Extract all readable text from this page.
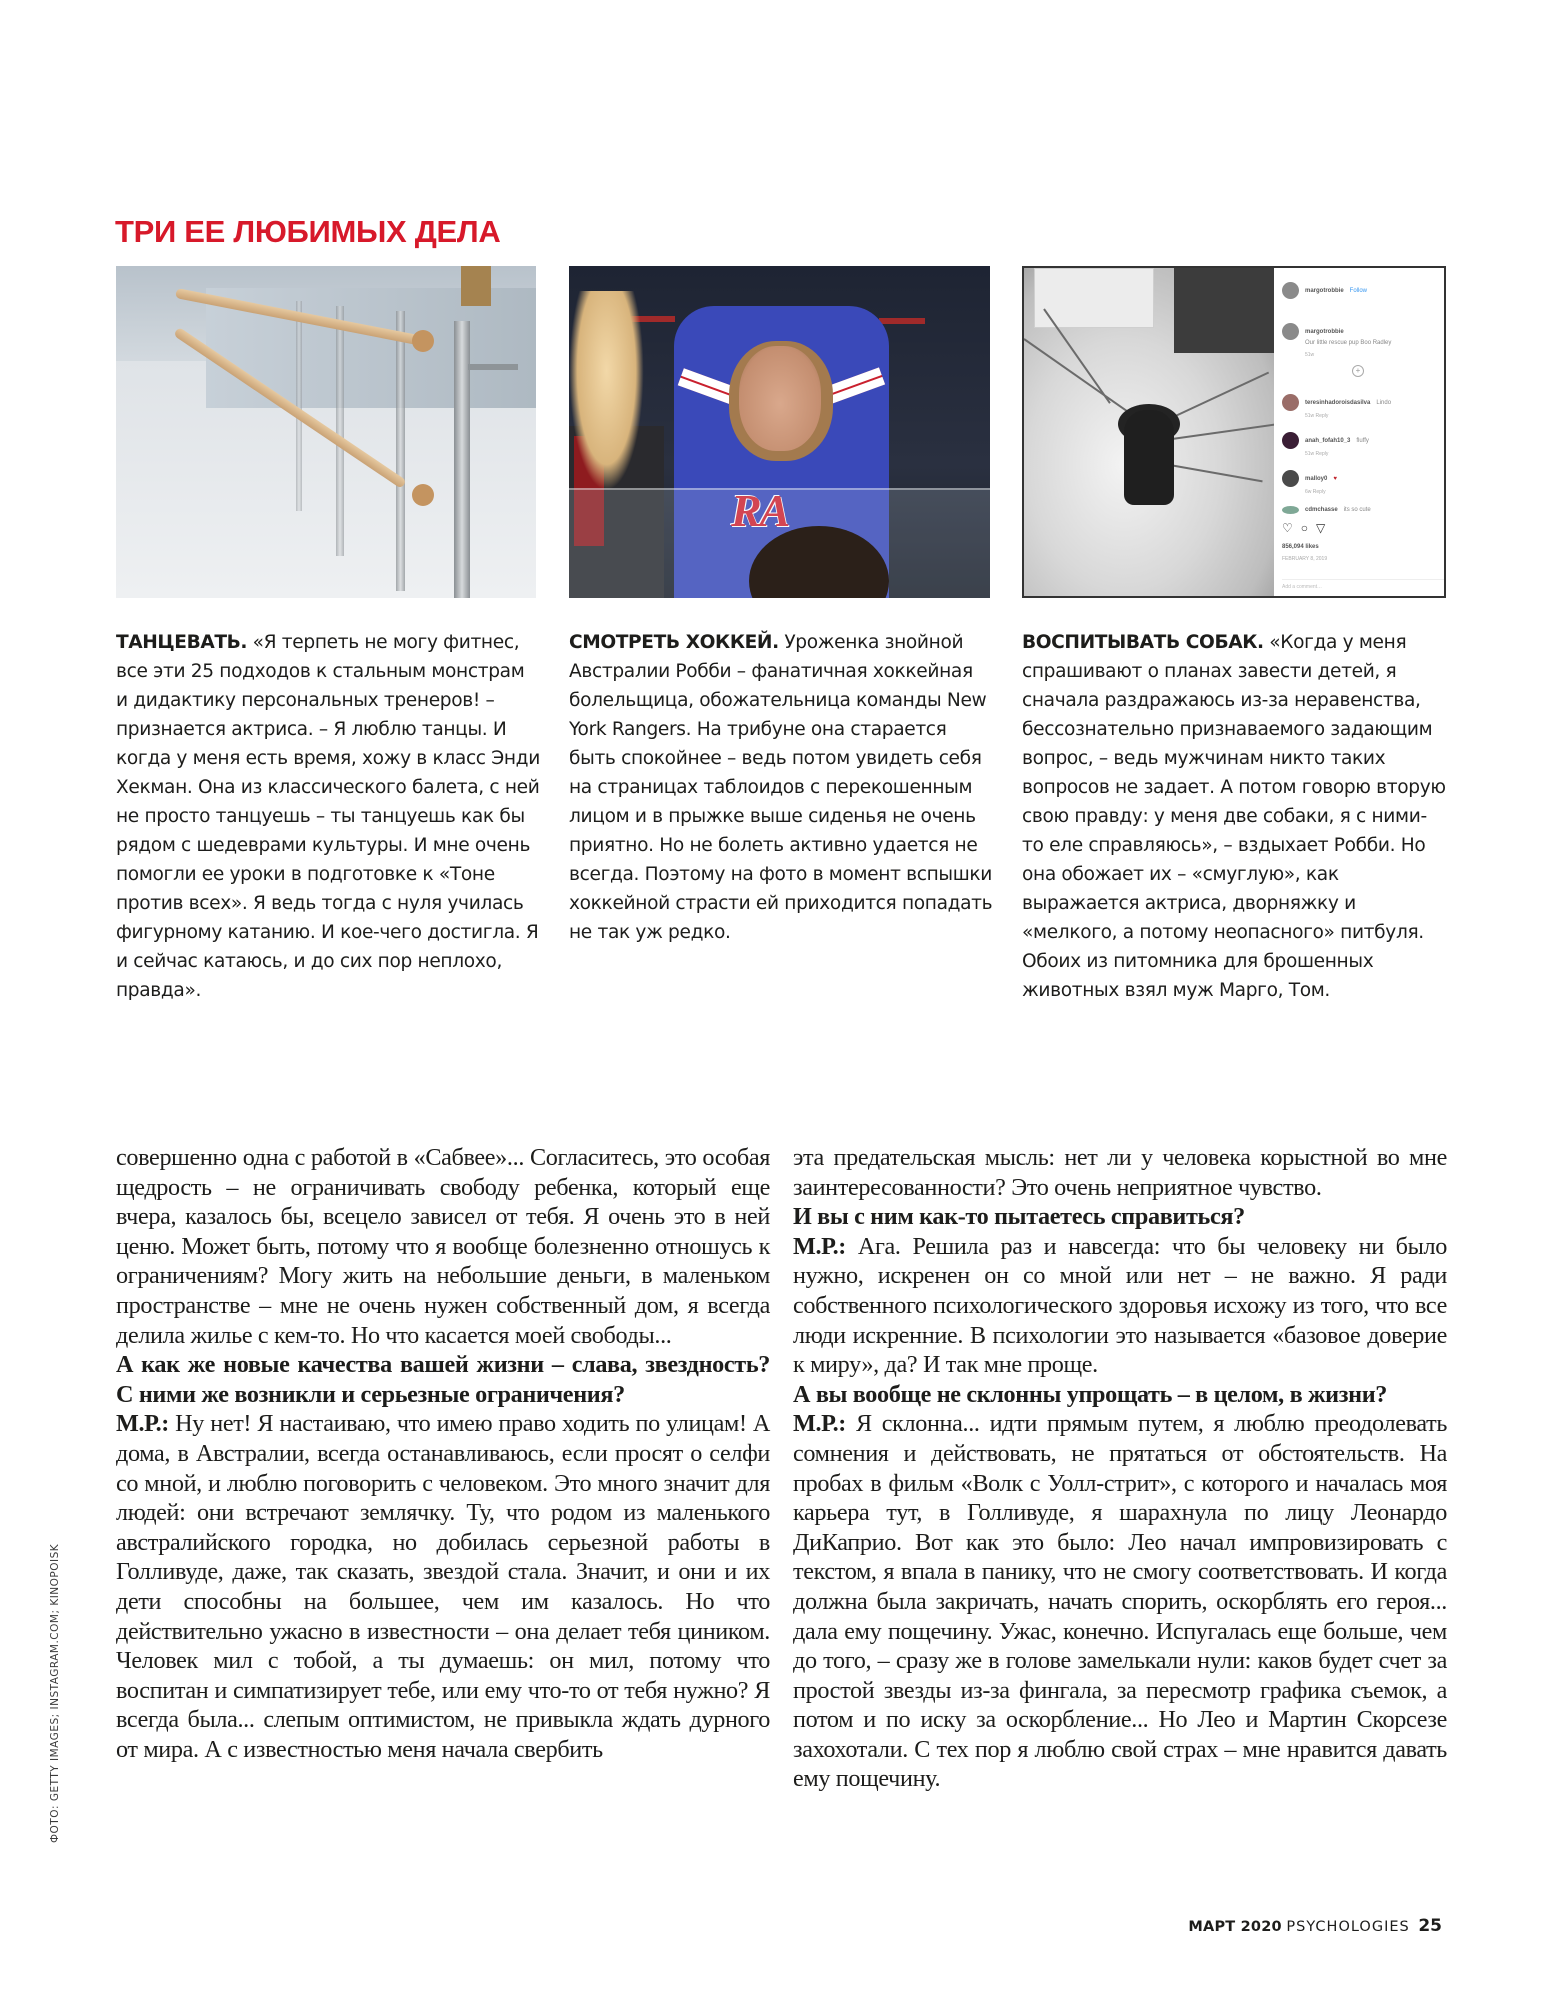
ТРИ ЕЕ ЛЮБИМЫХ ДЕЛА
RA
margotrobbie Follow
margotrobbie
Our little rescue pup Boo Radley
51w
+
teresinhadoroisdasilva Lindo
51w Reply
anah_fofah10_3 fluffy
51w Reply
malloy0 ♥
6w Reply
cdmchasse its so cute
♡ ○ ▽
856,094 likes
FEBRUARY 8, 2019
Add a comment…
ТАНЦЕВАТЬ. «Я терпеть не могу фитнес, все эти 25 подходов к стальным монстрам и дидактику персональных тренеров! – признается актриса. – Я люблю танцы. И когда у меня есть время, хожу в класс Энди Хекман. Она из классического балета, с ней не просто танцуешь – ты танцуешь как бы рядом с шедеврами культуры. И мне очень помогли ее уроки в подготовке к «Тоне против всех». Я ведь тогда с нуля училась фигурному катанию. И кое-чего достигла. Я и сейчас катаюсь, и до сих пор неплохо, правда».
СМОТРЕТЬ ХОККЕЙ. Уроженка знойной Австралии Робби – фанатичная хоккейная болельщица, обожательница команды New York Rangers. На трибуне она старается быть спокойнее – ведь потом увидеть себя на страницах таблоидов с перекошенным лицом и в прыжке выше сиденья не очень приятно. Но не болеть активно удается не всегда. Поэтому на фото в момент вспышки хоккейной страсти ей приходится попадать не так уж редко.
ВОСПИТЫВАТЬ СОБАК. «Когда у меня спрашивают о планах завести детей, я сначала раздражаюсь из-за неравенства, бессознательно признаваемого задающим вопрос, – ведь мужчинам никто таких вопросов не задает. А потом говорю вторую свою правду: у меня две собаки, я с ними-то еле справляюсь», – вздыхает Робби. Но она обожает их – «смуглую», как выражается актриса, дворняжку и «мелкого, а потому неопасного» питбуля. Обоих из питомника для брошенных животных взял муж Марго, Том.

совершенно одна с работой в «Сабвее»... Согласитесь, это особая щедрость – не ограничивать свободу ребенка, который еще вчера, казалось бы, всецело зависел от тебя. Я очень это в ней ценю. Может быть, потому что я вообще болезненно отношусь к ограничениям? Могу жить на небольшие деньги, в маленьком пространстве – мне не очень нужен собственный дом, я всегда делила жилье с кем-то. Но что касается моей свободы...

А как же новые качества вашей жизни – слава, звездность? С ними же возникли и серьезные ограничения?

М.Р.: Ну нет! Я настаиваю, что имею право ходить по улицам! А дома, в Австралии, всегда останавливаюсь, если просят о селфи со мной, и люблю поговорить с человеком. Это много значит для людей: они встречают землячку. Ту, что родом из маленького австралийского городка, но добилась серьезной работы в Голливуде, даже, так сказать, звездой стала. Значит, и они и их дети способны на большее, чем им казалось. Но что действительно ужасно в известности – она делает тебя циником. Человек мил с тобой, а ты думаешь: он мил, потому что воспитан и симпатизирует тебе, или ему что-то от тебя нужно? Я всегда была... слепым оптимистом, не привыкла ждать дурного от мира. А с известностью меня начала свербить

эта предательская мысль: нет ли у человека корыстной во мне заинтересованности? Это очень неприятное чувство.

И вы с ним как-то пытаетесь справиться?

М.Р.: Ага. Решила раз и навсегда: что бы человеку ни было нужно, искренен он со мной или нет – не важно. Я ради собственного психологического здоровья исхожу из того, что все люди искренние. В психологии это называется «базовое доверие к миру», да? И так мне проще.

А вы вообще не склонны упрощать – в целом, в жизни?

М.Р.: Я склонна... идти прямым путем, я люблю преодолевать сомнения и действовать, не прятаться от обстоятельств. На пробах в фильм «Волк с Уолл-стрит», с которого и началась моя карьера тут, в Голливуде, я шарахнула по лицу Леонардо ДиКаприо. Вот как это было: Лео начал импровизировать с текстом, я впала в панику, что не смогу соответствовать. И когда должна была закричать, начать спорить, оскорблять его героя... дала ему пощечину. Ужас, конечно. Испугалась еще больше, чем до того, – сразу же в голове замелькали нули: каков будет счет за простой звезды из-за фингала, за пересмотр графика съемок, а потом и по иску за оскорбление... Но Лео и Мартин Скорсезе захохотали. С тех пор я люблю свой страх – мне нравится давать ему пощечину.

ФОТО: GETTY IMAGES; INSTAGRAM.COM; KINOPOISK
МАРТ 2020 PSYCHOLOGIES 25
